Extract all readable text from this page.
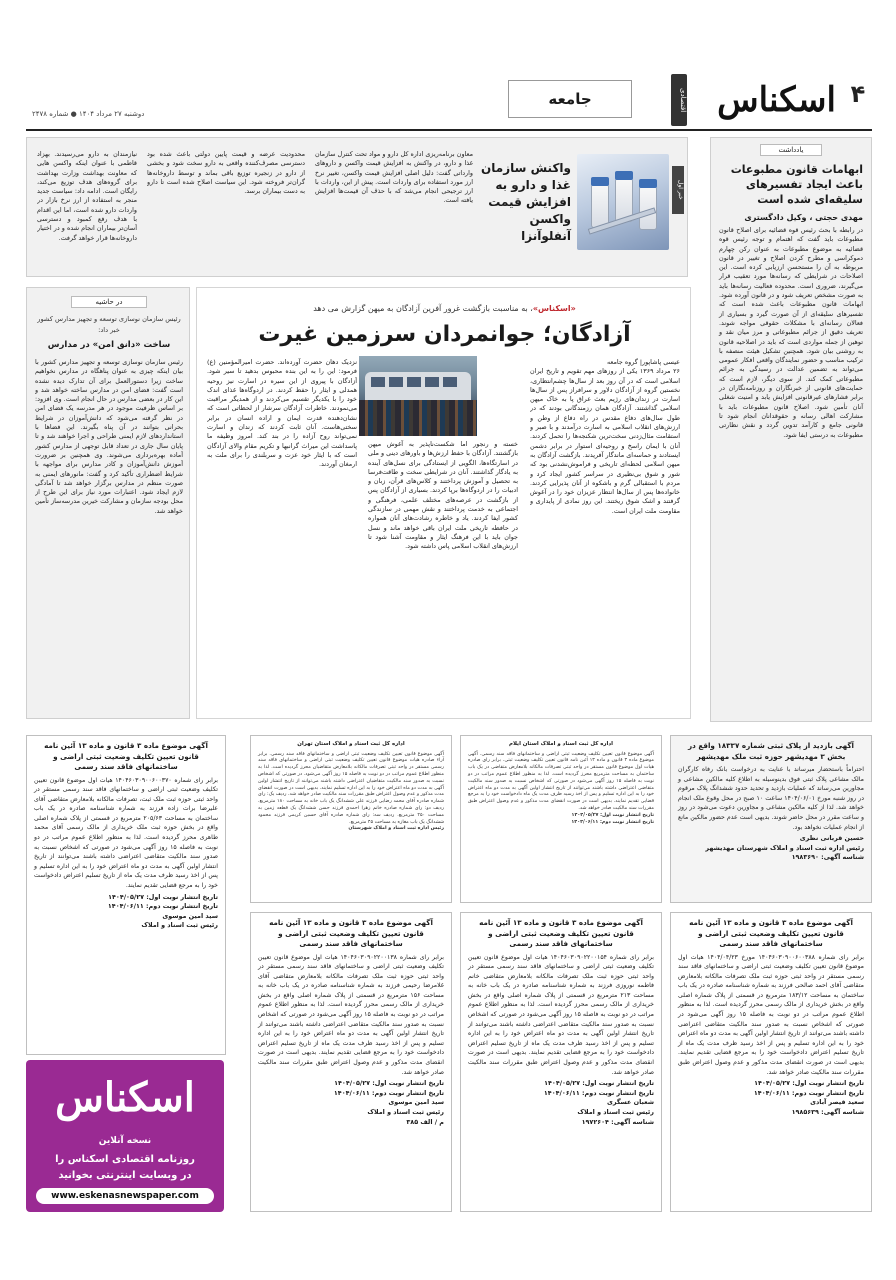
۴
اسکناس
اقتصادی
جامعه
دوشنبه ۲۷ مرداد ۱۴۰۴ ● شماره ۲۴۷۸
یادداشت
ابهامات قانون مطبوعات باعث ایجاد تفسیرهای سلیقه‌ای شده است
مهدی حجتی ، وکیل دادگستری
در رابطه با بحث رئیس قوه قضائیه برای اصلاح قانون مطبوعات باید گفت که اهتمام و توجه رئیس قوه قضائیه به موضوع مطبوعات به عنوان رکن چهارم دموکراسی و مطرح کردن اصلاح و تغییر در قانون مربوطه به آن را مستحسن ارزیابی کرده است. این اصلاحات در شرایطی که رسانه‌ها مورد تعقیب قرار می‌گیرند، ضروری است. محدوده فعالیت رسانه‌ها باید به صورت مشخص تعریف شود و در قانون آورده شود. ابهامات قانون مطبوعات باعث شده است که تفسیرهای سلیقه‌ای از آن صورت گیرد و بسیاری از فعالان رسانه‌ای با مشکلات حقوقی مواجه شوند. تعریف دقیق از جرائم مطبوعاتی و مرز میان نقد و توهین از جمله مواردی است که باید در اصلاحیه قانون به روشنی بیان شود. همچنین تشکیل هیئت منصفه با ترکیب مناسب و حضور نمایندگان واقعی افکار عمومی می‌تواند به تضمین عدالت در رسیدگی به جرائم مطبوعاتی کمک کند. از سوی دیگر، لازم است که حمایت‌های قانونی از خبرنگاران و روزنامه‌نگاران در برابر فشارهای غیرقانونی افزایش یابد و امنیت شغلی آنان تأمین شود. اصلاح قانون مطبوعات باید با مشارکت اهالی رسانه و حقوقدانان انجام شود تا قانونی جامع و کارآمد تدوین گردد و نقش نظارتی مطبوعات به درستی ایفا شود.
خبر اول
واکنش سازمان غذا و دارو به افزایش قیمت واکسن آنفلوآنزا
معاون برنامه‌ریزی اداره کل دارو و مواد تحت کنترل سازمان غذا و دارو، در واکنش به افزایش قیمت واکسن و داروهای وارداتی گفت: دلیل اصلی افزایش قیمت واکسن، تغییر نرخ ارز مورد استفاده برای واردات است. پیش از این، واردات با ارز ترجیحی انجام می‌شد که با حذف آن قیمت‌ها افزایش یافته است.
محدودیت عرضه و قیمت پایین دولتی باعث شده بود دسترسی مصرف‌کننده واقعی به دارو سخت شود و بخشی از دارو در زنجیره توزیع باقی بماند و توسط داروخانه‌ها گران‌تر فروخته شود. این سیاست اصلاح شده است تا دارو به دست بیماران برسد.
نیازمندان به دارو می‌رسیدند. بهزاد قاطمی با عنوان اینکه واکسن هایی که معاونت بهداشت وزارت بهداشت برای گروه‌های هدف توزیع می‌کند، رایگان است. ادامه داد: سیاست جدید منجر به استفاده از ارز نرخ بازار در واردات دارو شده است، اما این اقدام با هدف رفع کمبود و دسترسی آسان‌تر بیماران انجام شده و در اختیار داروخانه‌ها قرار خواهد گرفت.
«اسکناس»، به مناسبت بازگشت غرور آفرین آزادگان به میهن گزارش می دهد
آزادگان؛ جوانمردان سرزمین غیرت
عیسی پاشاپور| گروه جامعه
۲۶ مرداد ۱۳۶۹ یکی از روزهای مهم تقویم و تاریخ ایران اسلامی است که در آن روز بعد از سال‌ها چشم‌انتظاری، نخستین گروه از آزادگان دلاور و سرافراز پس از سال‌ها اسارت در زندان‌های رژیم بعث عراق پا به خاک میهن اسلامی گذاشتند. آزادگان همان رزمندگانی بودند که در طول سال‌های دفاع مقدس در راه دفاع از وطن و ارزش‌های انقلاب اسلامی به اسارت درآمدند و با صبر و استقامت مثال‌زدنی سخت‌ترین شکنجه‌ها را تحمل کردند. آنان با ایمان راسخ و روحیه‌ای استوار در برابر دشمن ایستادند و حماسه‌ای ماندگار آفریدند. بازگشت آزادگان به میهن اسلامی لحظه‌ای تاریخی و فراموش‌نشدنی بود که شور و شوق بی‌نظیری در سراسر کشور ایجاد کرد و مردم با استقبالی گرم و باشکوه از آنان پذیرایی کردند. خانواده‌ها پس از سال‌ها انتظار عزیزان خود را در آغوش گرفتند و اشک شوق ریختند. این روز نمادی از پایداری و مقاومت ملت ایران است.
خسته و رنجور اما شکست‌ناپذیر به آغوش میهن بازگشتند. آزادگان با حفظ ارزش‌ها و باورهای دینی و ملی در اسارتگاه‌ها، الگویی از ایستادگی برای نسل‌های آینده به یادگار گذاشتند. آنان در شرایطی سخت و طاقت‌فرسا به تحصیل و آموزش پرداختند و کلاس‌های قرآن، زبان و ادبیات را در اردوگاه‌ها برپا کردند. بسیاری از آزادگان پس از بازگشت در عرصه‌های مختلف علمی، فرهنگی و اجتماعی به خدمت پرداختند و نقش مهمی در سازندگی کشور ایفا کردند. یاد و خاطره رشادت‌های آنان همواره در حافظه تاریخی ملت ایران باقی خواهد ماند و نسل جوان باید با این فرهنگ ایثار و مقاومت آشنا شود تا ارزش‌های انقلاب اسلامی پاس داشته شود.
نزدیک دهان حضرت آورده‌اند. حضرت امیرالمؤمنین (ع) فرمود: این را به این بنده محبوس بدهید تا سیر شود. آزادگان با پیروی از این سیره در اسارت نیز روحیه همدلی و ایثار را حفظ کردند. در اردوگاه‌ها غذای اندک خود را با یکدیگر تقسیم می‌کردند و از همدیگر مراقبت می‌نمودند. خاطرات آزادگان سرشار از لحظاتی است که نشان‌دهنده قدرت ایمان و اراده انسان در برابر سختی‌هاست. آنان ثابت کردند که زندان و اسارت نمی‌تواند روح آزاده را در بند کند. امروز وظیفه ما پاسداشت این میراث گرانبها و تکریم مقام والای آزادگان است که با ایثار خود عزت و سربلندی را برای ملت به ارمغان آوردند.
در حاشیه
رئیس سازمان نوسازی توسعه و تجهیز مدارس کشور خبر داد:
ساخت «دانق امن» در مدارس
رئیس سازمان نوسازی توسعه و تجهیز مدارس کشور با بیان اینکه چیزی به عنوان پناهگاه در مدارس نخواهیم ساخت زیرا دستورالعمل برای آن تدارک دیده نشده است گفت: فضای امن در مدارس ساخته خواهد شد و این کار در بعضی مدارس در حال انجام است. وی افزود: بر اساس ظرفیت موجود در هر مدرسه یک فضای امن در نظر گرفته می‌شود که دانش‌آموزان در شرایط بحرانی بتوانند در آن پناه بگیرند. این فضاها با استانداردهای لازم ایمنی طراحی و اجرا خواهند شد و تا پایان سال جاری در تعداد قابل توجهی از مدارس کشور آماده بهره‌برداری می‌شوند. وی همچنین بر ضرورت آموزش دانش‌آموزان و کادر مدارس برای مواجهه با شرایط اضطراری تأکید کرد و گفت: مانورهای ایمنی به صورت منظم در مدارس برگزار خواهد شد تا آمادگی لازم ایجاد شود. اعتبارات مورد نیاز برای این طرح از محل بودجه سازمان و مشارکت خیرین مدرسه‌ساز تأمین خواهد شد.
آگهی بازدید از پلاک ثبتی شماره ۱۸۳۳۷ واقع در بخش ۳ مهدیشهر حوزه ثبت ملک مهدیشهر
احتراماً باستحضار میرساند با عنایت به درخواست بانک رفاه کارگران مالک مشاعی پلاک ثبتی فوق بدینوسیله به اطلاع کلیه مالکین مشاعی و مجاورین می‌رساند که عملیات بازدید و تحدید حدود ششدانگ پلاک مرقوم در روز شنبه مورخ ۱۴۰۴/۰۶/۰۱ ساعت ۱۰ صبح در محل وقوع ملک انجام خواهد شد. لذا از کلیه مالکین مشاعی و مجاورین دعوت می‌شود در روز و ساعت مقرر در محل حاضر شوند. بدیهی است عدم حضور مالکین مانع از انجام عملیات نخواهد بود.
حسین قربانی نظری
رئیس اداره ثبت اسناد و املاک شهرستان مهدیشهر
شناسه آگهی: ۱۹۸۳۶۹۰
اداره کل ثبت اسناد و املاک استان ایلام
آگهی موضوع قانون تعیین تکلیف وضعیت ثبتی اراضی و ساختمانهای فاقد سند رسمی. آگهی موضوع ماده ۳ قانون و ماده ۱۳ آئین نامه قانون تعیین تکلیف وضعیت ثبتی. برابر رای صادره هیات اول موضوع قانون مستقر در واحد ثبتی تصرفات مالکانه بلامعارض متقاضی در یک باب ساختمان به مساحت مترمربع محرز گردیده است. لذا به منظور اطلاع عموم مراتب در دو نوبت به فاصله ۱۵ روز آگهی می‌شود در صورتی که اشخاص نسبت به صدور سند مالکیت متقاضی اعتراضی داشته باشند می‌توانند از تاریخ انتشار اولین آگهی به مدت دو ماه اعتراض خود را به این اداره تسلیم و پس از اخذ رسید ظرف مدت یک ماه دادخواست خود را به مرجع قضایی تقدیم نمایند. بدیهی است در صورت انقضای مدت مذکور و عدم وصول اعتراض طبق مقررات سند مالکیت صادر خواهد شد.
تاریخ انتشار نوبت اول: ۱۴۰۴/۰۵/۲۷
تاریخ انتشار نوبت دوم: ۱۴۰۴/۰۶/۱۱
اداره کل ثبت اسناد و املاک استان تهران
آگهی موضوع قانون تعیین تکلیف وضعیت ثبتی اراضی و ساختمانهای فاقد سند رسمی. برابر آراء صادره هیات موضوع قانون تعیین تکلیف وضعیت ثبتی اراضی و ساختمانهای فاقد سند رسمی مستقر در واحد ثبتی تصرفات مالکانه بلامعارض متقاضیان محرز گردیده است. لذا به منظور اطلاع عموم مراتب در دو نوبت به فاصله ۱۵ روز آگهی می‌شود. در صورتی که اشخاص نسبت به صدور سند مالکیت متقاضیان اعتراضی داشته باشند می‌توانند از تاریخ انتشار اولین آگهی به مدت دو ماه اعتراض خود را به این اداره تسلیم نمایند. بدیهی است در صورت انقضای مدت مذکور و عدم وصول اعتراض طبق مقررات سند مالکیت صادر خواهد شد. ردیف یک: رای شماره صادره آقای محمد رضایی فرزند علی ششدانگ یک باب خانه به مساحت ۱۸۰ مترمربع. ردیف دو: رای شماره صادره خانم زهرا احمدی فرزند حسن ششدانگ یک قطعه زمین به مساحت ۲۵۰ مترمربع. ردیف سه: رای شماره صادره آقای حسین کریمی فرزند محمود ششدانگ یک باب مغازه به مساحت ۴۵ مترمربع.
رئیس اداره ثبت اسناد و املاک شهرستان
آگهی موضوع ماده ۳ قانون و ماده ۱۳ آئین نامه قانون تعیین تکلیف وضعیت ثبتی اراضی و ساختمانهای فاقد سند رسمی
برابر رای شماره ۱۴۰۴۶۰۳۰۹۰۰۶۰۰۳۷۰ هیات اول موضوع قانون تعیین تکلیف وضعیت ثبتی اراضی و ساختمانهای فاقد سند رسمی مستقر در واحد ثبتی حوزه ثبت ملک ثبت، تصرفات مالکانه بلامعارض متقاضی آقای علیرضا برات زاده فرزند به شماره شناسنامه صادره در یک باب ساختمان به مساحت ۲۰۵/۶۳ مترمربع در قسمتی از پلاک شماره اصلی واقع در بخش حوزه ثبت ملک خریداری از مالک رسمی آقای محمد طاهری محرز گردیده است. لذا به منظور اطلاع عموم مراتب در دو نوبت به فاصله ۱۵ روز آگهی می‌شود در صورتی که اشخاص نسبت به صدور سند مالکیت متقاضی اعتراضی داشته باشند می‌توانند از تاریخ انتشار اولین آگهی به مدت دو ماه اعتراض خود را به این اداره تسلیم و پس از اخذ رسید ظرف مدت یک ماه از تاریخ تسلیم اعتراض دادخواست خود را به مرجع قضایی تقدیم نمایند.
تاریخ انتشار نوبت اول: ۱۴۰۴/۰۵/۲۷
تاریخ انتشار نوبت دوم: ۱۴۰۴/۰۶/۱۱
سید امین موسوی
رئیس ثبت اسناد و املاک	آگهی موضوع ماده ۳ قانون و ماده ۱۳ آئین نامه قانون تعیین تکلیف وضعیت ثبتی اراضی و ساختمانهای فاقد سند رسمی
برابر رای شماره ۱۴۰۴۶۰۳۰۹۰۰۶۰۰۳۸۸ مورخ ۱۴۰۴/۰۴/۲۳ هیات اول موضوع قانون تعیین تکلیف وضعیت ثبتی اراضی و ساختمانهای فاقد سند رسمی مستقر در واحد ثبتی حوزه ثبت ملک تصرفات مالکانه بلامعارض متقاضی آقای احمد صالحی فرزند به شماره شناسنامه صادره در یک باب ساختمان به مساحت ۱۸۳/۱۲ مترمربع در قسمتی از پلاک شماره اصلی واقع در بخش خریداری از مالک رسمی محرز گردیده است. لذا به منظور اطلاع عموم مراتب در دو نوبت به فاصله ۱۵ روز آگهی می‌شود در صورتی که اشخاص نسبت به صدور سند مالکیت متقاضی اعتراضی داشته باشند می‌توانند از تاریخ انتشار اولین آگهی به مدت دو ماه اعتراض خود را به این اداره تسلیم و پس از اخذ رسید ظرف مدت یک ماه از تاریخ تسلیم اعتراض دادخواست خود را به مرجع قضایی تقدیم نمایند. بدیهی است در صورت انقضای مدت مذکور و عدم وصول اعتراض طبق مقررات سند مالکیت صادر خواهد شد.
تاریخ انتشار نوبت اول: ۱۴۰۴/۰۵/۲۷
تاریخ انتشار نوبت دوم: ۱۴۰۴/۰۶/۱۱
سعید قیصر آبادی
شناسه آگهی: ۱۹۸۵۶۳۹
آگهی موضوع ماده ۳ قانون و ماده ۱۳ آئین نامه قانون تعیین تکلیف وضعیت ثبتی اراضی و ساختمانهای فاقد سند رسمی
برابر رای شماره ۱۴۰۴۶۰۳۰۹۰۲۲۰۰۱۵۴ هیات اول موضوع قانون تعیین تکلیف وضعیت ثبتی اراضی و ساختمانهای فاقد سند رسمی مستقر در واحد ثبتی حوزه ثبت ملک تصرفات مالکانه بلامعارض متقاضی خانم فاطمه نوروزی فرزند به شماره شناسنامه صادره در یک باب خانه به مساحت ۲۱۳ مترمربع در قسمتی از پلاک شماره اصلی واقع در بخش خریداری از مالک رسمی محرز گردیده است. لذا به منظور اطلاع عموم مراتب در دو نوبت به فاصله ۱۵ روز آگهی می‌شود در صورتی که اشخاص نسبت به صدور سند مالکیت متقاضی اعتراضی داشته باشند می‌توانند از تاریخ انتشار اولین آگهی به مدت دو ماه اعتراض خود را به این اداره تسلیم و پس از اخذ رسید ظرف مدت یک ماه از تاریخ تسلیم اعتراض دادخواست خود را به مرجع قضایی تقدیم نمایند. بدیهی است در صورت انقضای مدت مذکور و عدم وصول اعتراض طبق مقررات سند مالکیت صادر خواهد شد.
تاریخ انتشار نوبت اول: ۱۴۰۴/۰۵/۲۷
تاریخ انتشار نوبت دوم: ۱۴۰۴/۰۶/۱۱
شعبان عسگری
رئیس ثبت اسناد و املاک
شناسه آگهی: ۱۹۷۲۶۰۴
آگهی موضوع ماده ۳ قانون و ماده ۱۳ آئین نامه قانون تعیین تکلیف وضعیت ثبتی اراضی و ساختمانهای فاقد سند رسمی
برابر رای شماره ۱۴۰۴۶۰۳۰۹۰۲۲۰۰۱۳۸ هیات اول موضوع قانون تعیین تکلیف وضعیت ثبتی اراضی و ساختمانهای فاقد سند رسمی مستقر در واحد ثبتی حوزه ثبت ملک تصرفات مالکانه بلامعارض متقاضی آقای غلامرضا رحیمی فرزند به شماره شناسنامه صادره در یک باب خانه به مساحت ۱۵۶ مترمربع در قسمتی از پلاک شماره اصلی واقع در بخش خریداری از مالک رسمی محرز گردیده است. لذا به منظور اطلاع عموم مراتب در دو نوبت به فاصله ۱۵ روز آگهی می‌شود در صورتی که اشخاص نسبت به صدور سند مالکیت متقاضی اعتراضی داشته باشند می‌توانند از تاریخ انتشار اولین آگهی به مدت دو ماه اعتراض خود را به این اداره تسلیم و پس از اخذ رسید ظرف مدت یک ماه از تاریخ تسلیم اعتراض دادخواست خود را به مرجع قضایی تقدیم نمایند. بدیهی است در صورت انقضای مدت مذکور و عدم وصول اعتراض طبق مقررات سند مالکیت صادر خواهد شد.
تاریخ انتشار نوبت اول: ۱۴۰۴/۰۵/۲۷
تاریخ انتشار نوبت دوم: ۱۴۰۴/۰۶/۱۱
سید امین موسوی
رئیس ثبت اسناد و املاک
م / الف ۳۸۵
اسکناس
نسخه آنلاین
روزنامه اقتصادی اسکناس را
در وبسایت اینترنتی بخوانید
www.eskenasnewspaper.com
